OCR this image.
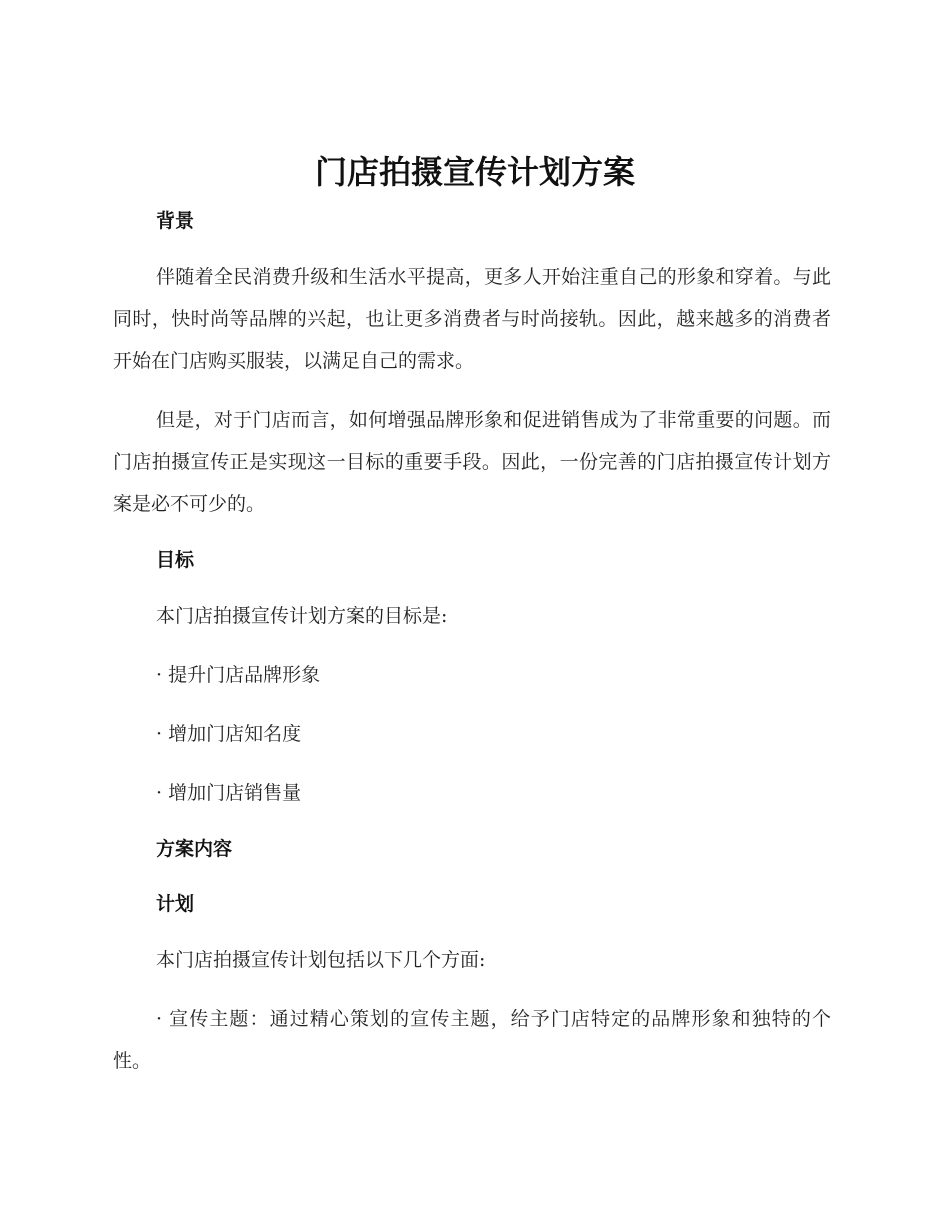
门店拍摄宣传计划方案

背景

伴随着全民消费升级和生活水平提高，更多人开始注重自己的形象和穿着。与此同时，快时尚等品牌的兴起，也让更多消费者与时尚接轨。因此，越来越多的消费者开始在门店购买服装，以满足自己的需求。

但是，对于门店而言，如何增强品牌形象和促进销售成为了非常重要的问题。而门店拍摄宣传正是实现这一目标的重要手段。因此，一份完善的门店拍摄宣传计划方案是必不可少的。

目标

本门店拍摄宣传计划方案的目标是:

· 提升门店品牌形象

· 增加门店知名度

· 增加门店销售量

方案内容

计划

本门店拍摄宣传计划包括以下几个方面:

· 宣传主题：通过精心策划的宣传主题，给予门店特定的品牌形象和独特的个性。
